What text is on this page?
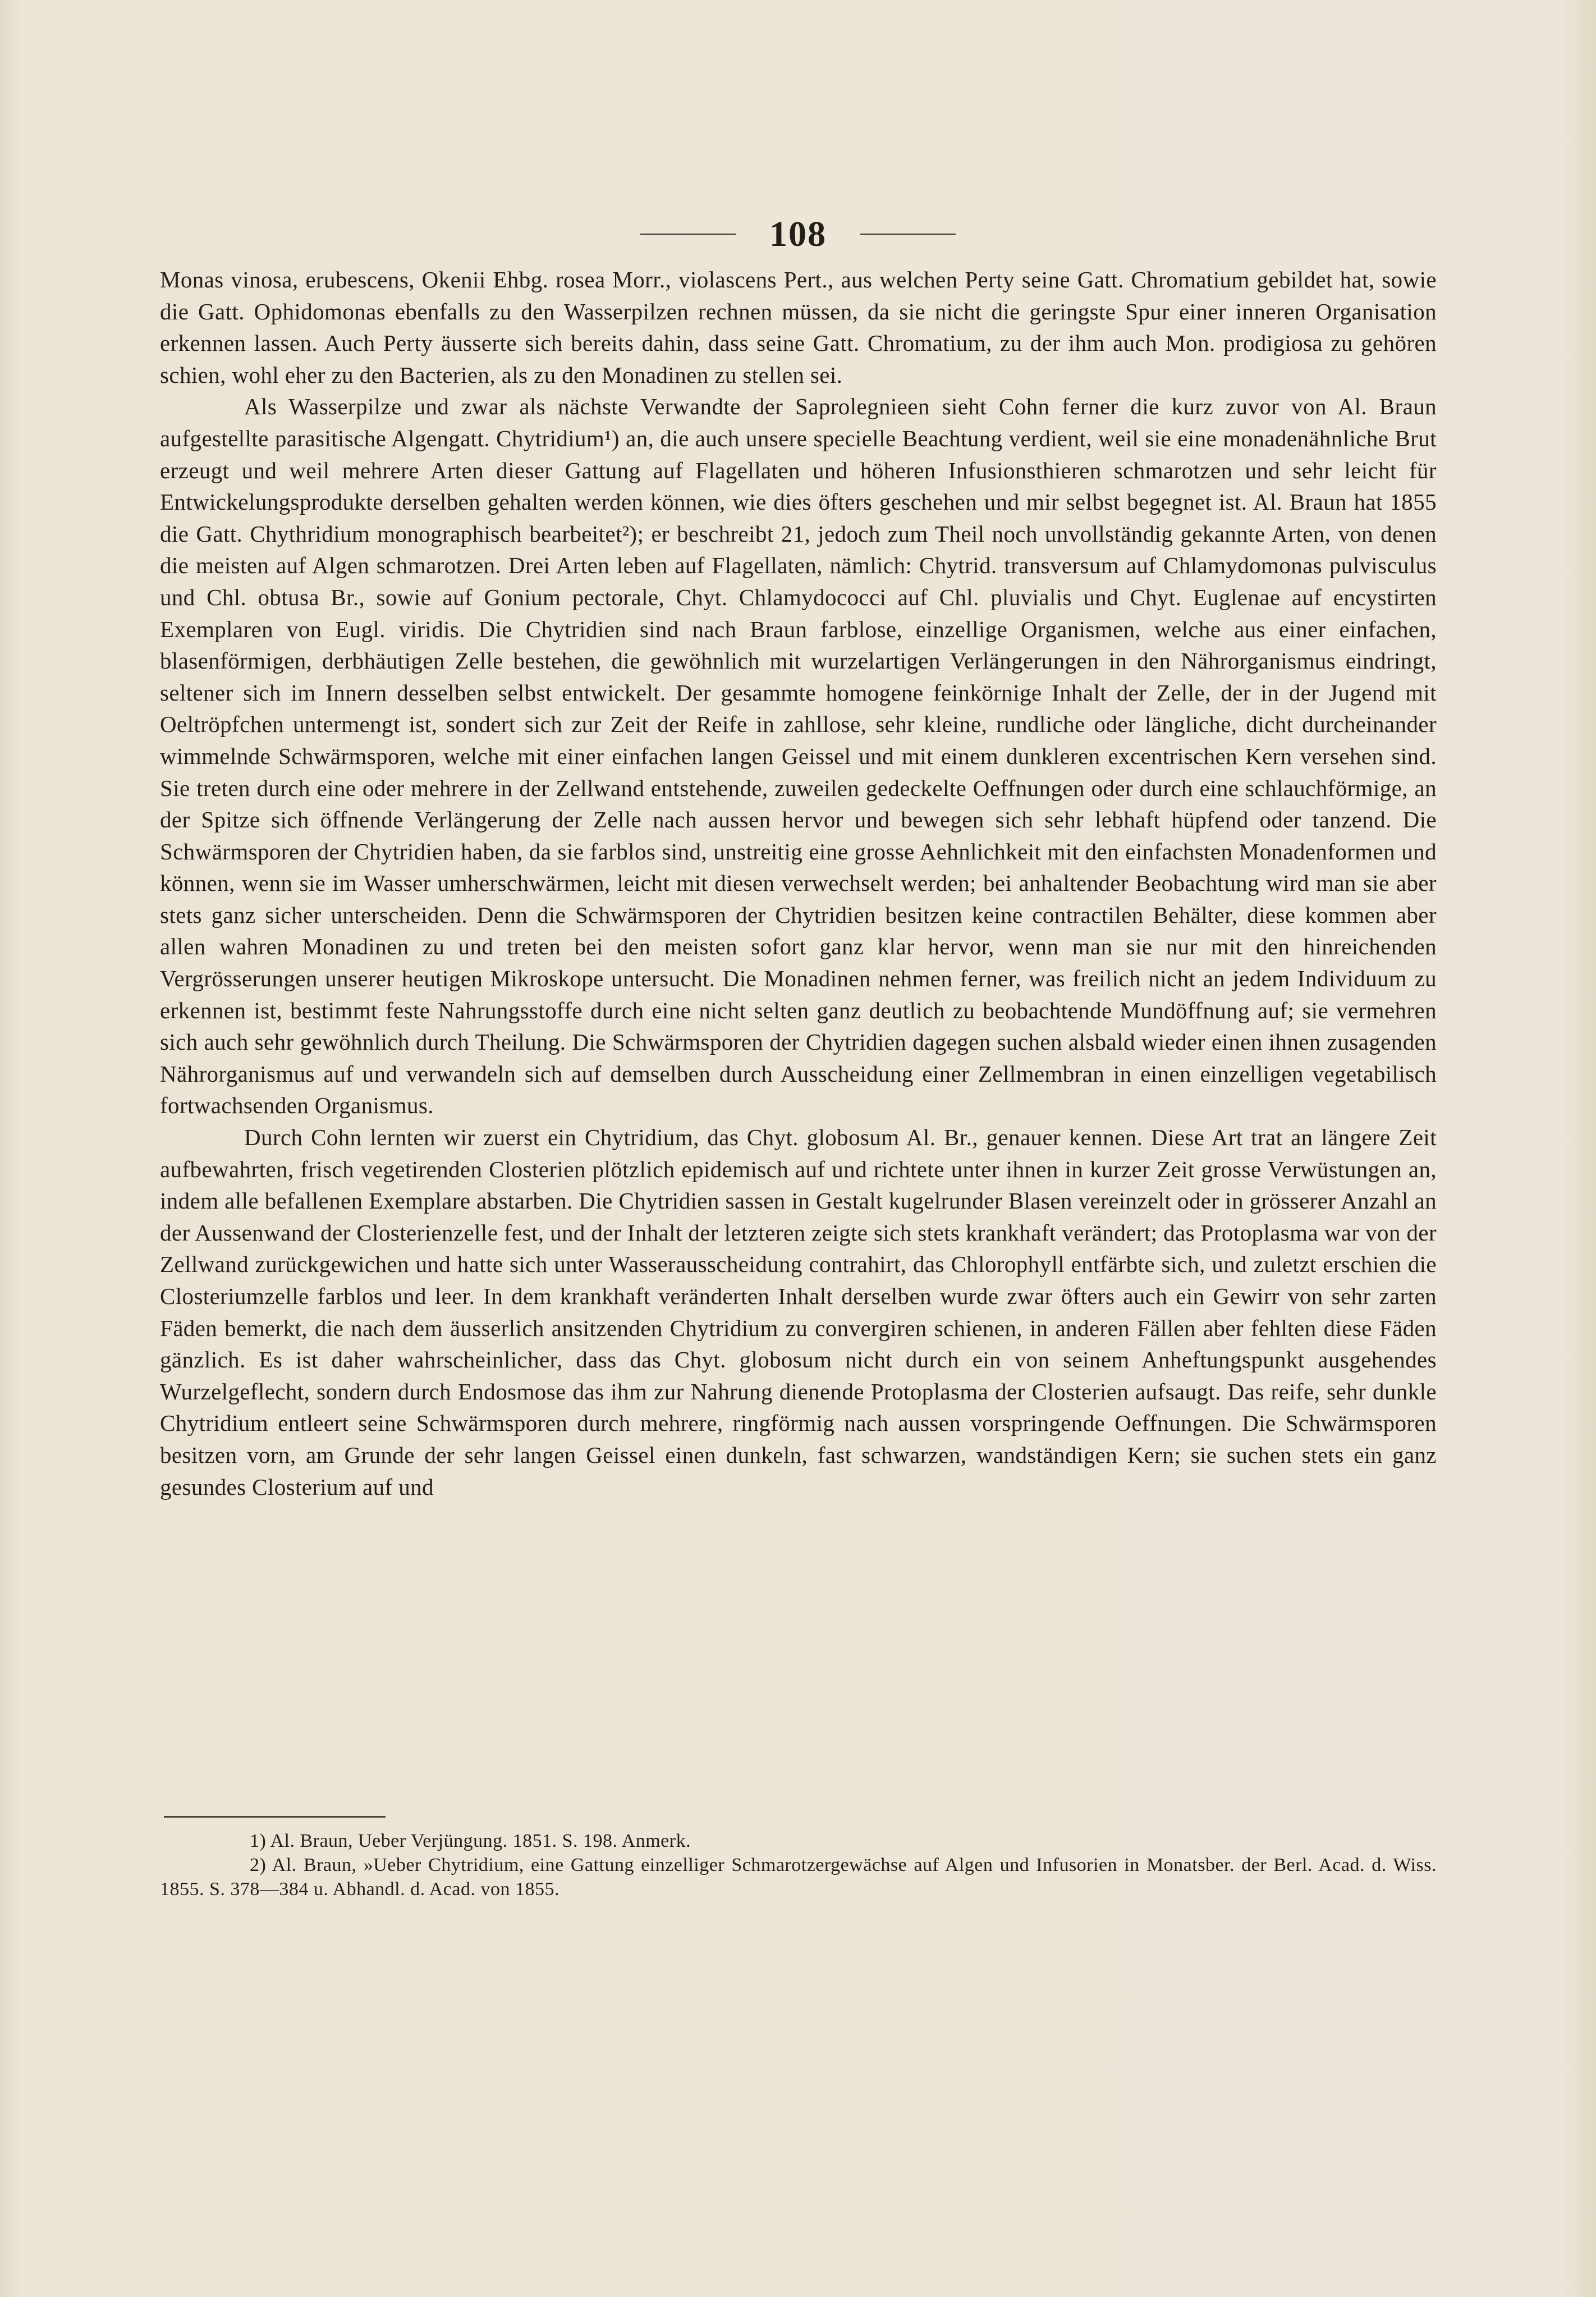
108

Monas vinosa, erubescens, Okenii Ehbg. rosea Morr., violascens Pert., aus welchen Perty seine Gatt. Chromatium gebildet hat, sowie die Gatt. Ophidomonas ebenfalls zu den Wasserpilzen rechnen müssen, da sie nicht die geringste Spur einer inneren Organisation erkennen lassen. Auch Perty äusserte sich bereits dahin, dass seine Gatt. Chromatium, zu der ihm auch Mon. prodigiosa zu gehören schien, wohl eher zu den Bacterien, als zu den Monadinen zu stellen sei.

Als Wasserpilze und zwar als nächste Verwandte der Saprolegnieen sieht Cohn ferner die kurz zuvor von Al. Braun aufgestellte parasitische Algengatt. Chytridium¹) an, die auch unsere specielle Beachtung verdient, weil sie eine monadenähnliche Brut erzeugt und weil mehrere Arten dieser Gattung auf Flagellaten und höheren Infusionsthieren schmarotzen und sehr leicht für Entwickelungsprodukte derselben gehalten werden können, wie dies öfters geschehen und mir selbst begegnet ist. Al. Braun hat 1855 die Gatt. Chythridium monographisch bearbeitet²); er beschreibt 21, jedoch zum Theil noch unvollständig gekannte Arten, von denen die meisten auf Algen schmarotzen. Drei Arten leben auf Flagellaten, nämlich: Chytrid. transversum auf Chlamydomonas pulvisculus und Chl. obtusa Br., sowie auf Gonium pectorale, Chyt. Chlamydococci auf Chl. pluvialis und Chyt. Euglenae auf encystirten Exemplaren von Eugl. viridis. Die Chytridien sind nach Braun farblose, einzellige Organismen, welche aus einer einfachen, blasenförmigen, derbhäutigen Zelle bestehen, die gewöhnlich mit wurzelartigen Verlängerungen in den Nährorganismus eindringt, seltener sich im Innern desselben selbst entwickelt. Der gesammte homogene feinkörnige Inhalt der Zelle, der in der Jugend mit Oeltröpfchen untermengt ist, sondert sich zur Zeit der Reife in zahllose, sehr kleine, rundliche oder längliche, dicht durcheinander wimmelnde Schwärmsporen, welche mit einer einfachen langen Geissel und mit einem dunkleren excentrischen Kern versehen sind. Sie treten durch eine oder mehrere in der Zellwand entstehende, zuweilen gedeckelte Oeffnungen oder durch eine schlauchförmige, an der Spitze sich öffnende Verlängerung der Zelle nach aussen hervor und bewegen sich sehr lebhaft hüpfend oder tanzend. Die Schwärmsporen der Chytridien haben, da sie farblos sind, unstreitig eine grosse Aehnlichkeit mit den einfachsten Monadenformen und können, wenn sie im Wasser umherschwärmen, leicht mit diesen verwechselt werden; bei anhaltender Beobachtung wird man sie aber stets ganz sicher unterscheiden. Denn die Schwärmsporen der Chytridien besitzen keine contractilen Behälter, diese kommen aber allen wahren Monadinen zu und treten bei den meisten sofort ganz klar hervor, wenn man sie nur mit den hinreichenden Vergrösserungen unserer heutigen Mikroskope untersucht. Die Monadinen nehmen ferner, was freilich nicht an jedem Individuum zu erkennen ist, bestimmt feste Nahrungsstoffe durch eine nicht selten ganz deutlich zu beobachtende Mundöffnung auf; sie vermehren sich auch sehr gewöhnlich durch Theilung. Die Schwärmsporen der Chytridien dagegen suchen alsbald wieder einen ihnen zusagenden Nährorganismus auf und verwandeln sich auf demselben durch Ausscheidung einer Zellmembran in einen einzelligen vegetabilisch fortwachsenden Organismus.

Durch Cohn lernten wir zuerst ein Chytridium, das Chyt. globosum Al. Br., genauer kennen. Diese Art trat an längere Zeit aufbewahrten, frisch vegetirenden Closterien plötzlich epidemisch auf und richtete unter ihnen in kurzer Zeit grosse Verwüstungen an, indem alle befallenen Exemplare abstarben. Die Chytridien sassen in Gestalt kugelrunder Blasen vereinzelt oder in grösserer Anzahl an der Aussenwand der Closterienzelle fest, und der Inhalt der letzteren zeigte sich stets krankhaft verändert; das Protoplasma war von der Zellwand zurückgewichen und hatte sich unter Wasserausscheidung contrahirt, das Chlorophyll entfärbte sich, und zuletzt erschien die Closteriumzelle farblos und leer. In dem krankhaft veränderten Inhalt derselben wurde zwar öfters auch ein Gewirr von sehr zarten Fäden bemerkt, die nach dem äusserlich ansitzenden Chytridium zu convergiren schienen, in anderen Fällen aber fehlten diese Fäden gänzlich. Es ist daher wahrscheinlicher, dass das Chyt. globosum nicht durch ein von seinem Anheftungspunkt ausgehendes Wurzelgeflecht, sondern durch Endosmose das ihm zur Nahrung dienende Protoplasma der Closterien aufsaugt. Das reife, sehr dunkle Chytridium entleert seine Schwärmsporen durch mehrere, ringförmig nach aussen vorspringende Oeffnungen. Die Schwärmsporen besitzen vorn, am Grunde der sehr langen Geissel einen dunkeln, fast schwarzen, wandständigen Kern; sie suchen stets ein ganz gesundes Closterium auf und

1) Al. Braun, Ueber Verjüngung. 1851. S. 198. Anmerk.

2) Al. Braun, »Ueber Chytridium, eine Gattung einzelliger Schmarotzergewächse auf Algen und Infusorien in Monatsber. der Berl. Acad. d. Wiss. 1855. S. 378—384 u. Abhandl. d. Acad. von 1855.
